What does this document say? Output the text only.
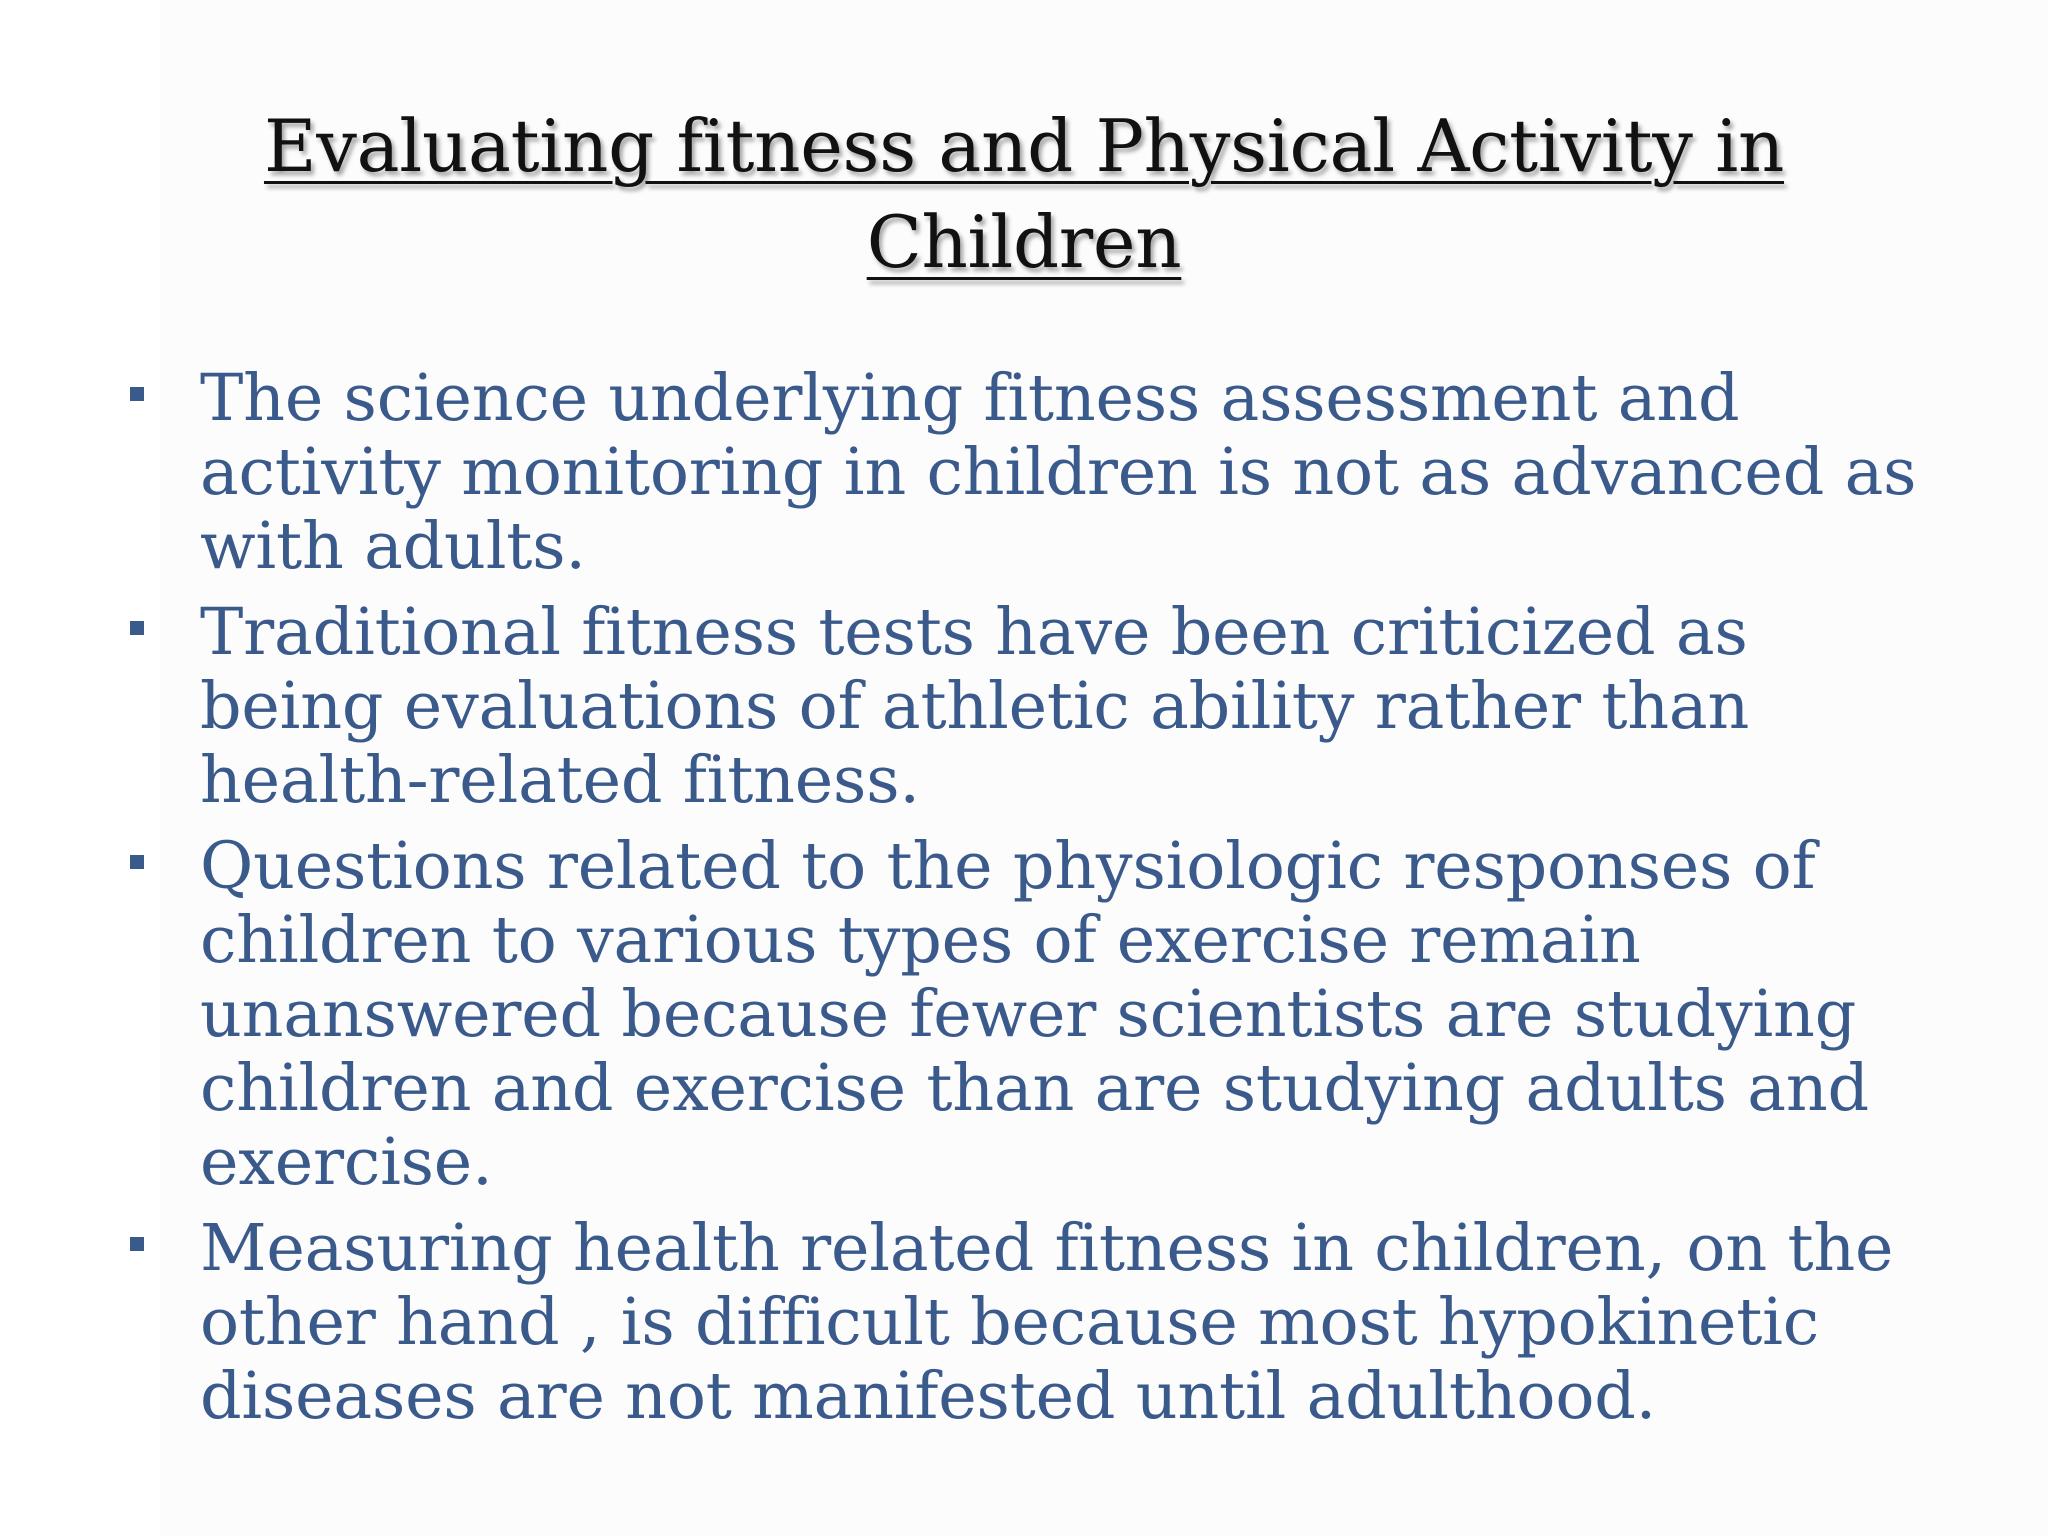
Evaluating fitness and Physical Activity in
Children
The science underlying fitness assessment and activity monitoring in children is not as advanced as with adults.
Traditional fitness tests have been criticized as being evaluations of athletic ability rather than health-related fitness.
Questions related to the physiologic responses of children to various types of exercise remain unanswered because fewer scientists are studying children and exercise than are studying adults and exercise.
Measuring health related fitness in children, on the other hand , is difficult because most hypokinetic diseases are not manifested until adulthood.
